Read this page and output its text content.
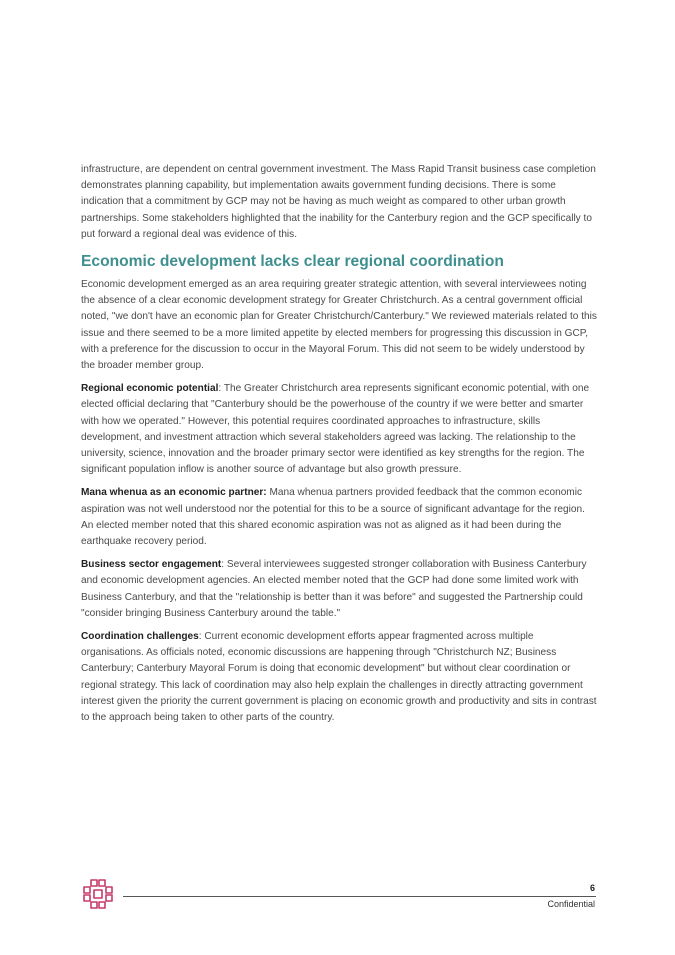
infrastructure, are dependent on central government investment. The Mass Rapid Transit business case completion demonstrates planning capability, but implementation awaits government funding decisions. There is some indication that a commitment by GCP may not be having as much weight as compared to other urban growth partnerships. Some stakeholders highlighted that the inability for the Canterbury region and the GCP specifically to put forward a regional deal was evidence of this.

Economic development lacks clear regional coordination

Economic development emerged as an area requiring greater strategic attention, with several interviewees noting the absence of a clear economic development strategy for Greater Christchurch. As a central government official noted, "we don't have an economic plan for Greater Christchurch/Canterbury." We reviewed materials related to this issue and there seemed to be a more limited appetite by elected members for progressing this discussion in GCP, with a preference for the discussion to occur in the Mayoral Forum. This did not seem to be widely understood by the broader member group.

Regional economic potential: The Greater Christchurch area represents significant economic potential, with one elected official declaring that "Canterbury should be the powerhouse of the country if we were better and smarter with how we operated." However, this potential requires coordinated approaches to infrastructure, skills development, and investment attraction which several stakeholders agreed was lacking. The relationship to the university, science, innovation and the broader primary sector were identified as key strengths for the region. The significant population inflow is another source of advantage but also growth pressure.

Mana whenua as an economic partner: Mana whenua partners provided feedback that the common economic aspiration was not well understood nor the potential for this to be a source of significant advantage for the region. An elected member noted that this shared economic aspiration was not as aligned as it had been during the earthquake recovery period.

Business sector engagement: Several interviewees suggested stronger collaboration with Business Canterbury and economic development agencies. An elected member noted that the GCP had done some limited work with Business Canterbury, and that the "relationship is better than it was before" and suggested the Partnership could "consider bringing Business Canterbury around the table."

Coordination challenges: Current economic development efforts appear fragmented across multiple organisations. As officials noted, economic discussions are happening through "Christchurch NZ; Business Canterbury; Canterbury Mayoral Forum is doing that economic development" but without clear coordination or regional strategy. This lack of coordination may also help explain the challenges in directly attracting government interest given the priority the current government is placing on economic growth and productivity and sits in contrast to the approach being taken to other parts of the country.

6
Confidential
